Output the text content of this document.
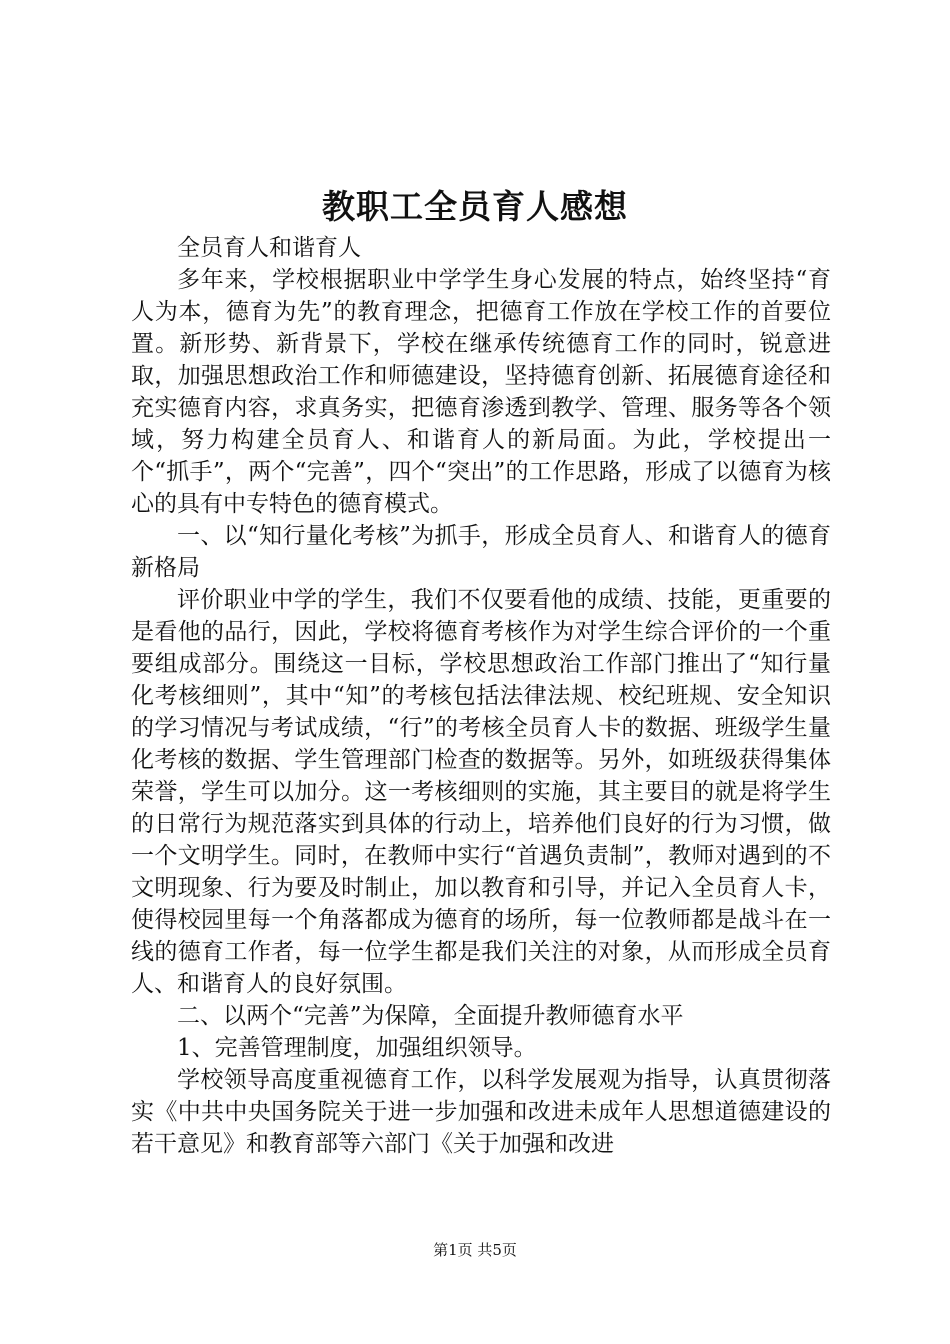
教职工全员育人感想

全员育人和谐育人

多年来，学校根据职业中学学生身心发展的特点，始终坚持“育人为本，德育为先”的教育理念，把德育工作放在学校工作的首要位置。新形势、新背景下，学校在继承传统德育工作的同时，锐意进取，加强思想政治工作和师德建设，坚持德育创新、拓展德育途径和充实德育内容，求真务实，把德育渗透到教学、管理、服务等各个领域，努力构建全员育人、和谐育人的新局面。为此，学校提出一个“抓手”，两个“完善”，四个“突出”的工作思路，形成了以德育为核心的具有中专特色的德育模式。

一、以“知行量化考核”为抓手，形成全员育人、和谐育人的德育新格局

评价职业中学的学生，我们不仅要看他的成绩、技能，更重要的是看他的品行，因此，学校将德育考核作为对学生综合评价的一个重要组成部分。围绕这一目标，学校思想政治工作部门推出了“知行量化考核细则”，其中“知”的考核包括法律法规、校纪班规、安全知识的学习情况与考试成绩，“行”的考核全员育人卡的数据、班级学生量化考核的数据、学生管理部门检查的数据等。另外，如班级获得集体荣誉，学生可以加分。这一考核细则的实施，其主要目的就是将学生的日常行为规范落实到具体的行动上，培养他们良好的行为习惯，做一个文明学生。同时，在教师中实行“首遇负责制”，教师对遇到的不文明现象、行为要及时制止，加以教育和引导，并记入全员育人卡，使得校园里每一个角落都成为德育的场所，每一位教师都是战斗在一线的德育工作者，每一位学生都是我们关注的对象，从而形成全员育人、和谐育人的良好氛围。

二、以两个“完善”为保障，全面提升教师德育水平

1、完善管理制度，加强组织领导。

学校领导高度重视德育工作，以科学发展观为指导，认真贯彻落实《中共中央国务院关于进一步加强和改进未成年人思想道德建设的若干意见》和教育部等六部门《关于加强和改进

第1页 共5页
